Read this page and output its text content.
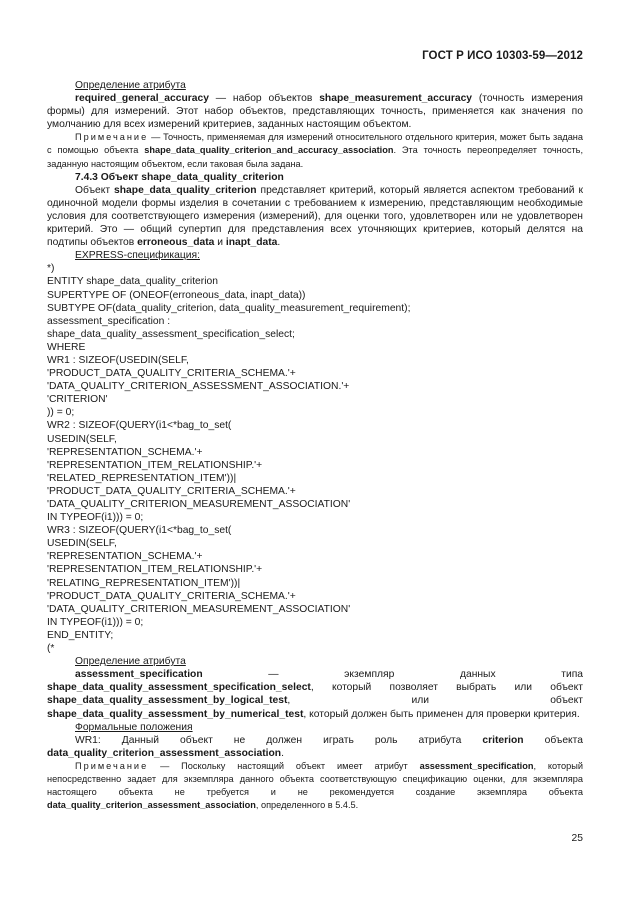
ГОСТ Р ИСО 10303-59—2012

Определение атрибута

required_general_accuracy — набор объектов shape_measurement_accuracy (точность измерения формы) для измерений. Этот набор объектов, представляющих точность, применяется как значения по умолчанию для всех измерений критериев, заданных настоящим объектом.

Примечание — Точность, применяемая для измерений относительного отдельного критерия, может быть задана с помощью объекта shape_data_quality_criterion_and_accuracy_association. Эта точность переопределяет точность, заданную настоящим объектом, если таковая была задана.

7.4.3 Объект shape_data_quality_criterion

Объект shape_data_quality_criterion представляет критерий, который является аспектом требований к одиночной модели формы изделия в сочетании с требованием к измерению, представляющим необходимые условия для соответствующего измерения (измерений), для оценки того, удовлетворен или не удовлетворен критерий. Это — общий супертип для представления всех уточняющих критериев, который делятся на подтипы объектов erroneous_data и inapt_data.

EXPRESS-спецификация:

*)

ENTITY shape_data_quality_criterion

SUPERTYPE OF (ONEOF(erroneous_data, inapt_data))

SUBTYPE OF(data_quality_criterion, data_quality_measurement_requirement);

assessment_specification :

shape_data_quality_assessment_specification_select;

WHERE

WR1 : SIZEOF(USEDIN(SELF,

'PRODUCT_DATA_QUALITY_CRITERIA_SCHEMA.'+

'DATA_QUALITY_CRITERION_ASSESSMENT_ASSOCIATION.'+

'CRITERION'

)) = 0;

WR2 : SIZEOF(QUERY(i1<*bag_to_set(

USEDIN(SELF,

'REPRESENTATION_SCHEMA.'+

'REPRESENTATION_ITEM_RELATIONSHIP.'+

'RELATED_REPRESENTATION_ITEM'))|

'PRODUCT_DATA_QUALITY_CRITERIA_SCHEMA.'+

'DATA_QUALITY_CRITERION_MEASUREMENT_ASSOCIATION'

IN TYPEOF(i1))) = 0;

WR3 : SIZEOF(QUERY(i1<*bag_to_set(

USEDIN(SELF,

'REPRESENTATION_SCHEMA.'+

'REPRESENTATION_ITEM_RELATIONSHIP.'+

'RELATING_REPRESENTATION_ITEM'))|

'PRODUCT_DATA_QUALITY_CRITERIA_SCHEMA.'+

'DATA_QUALITY_CRITERION_MEASUREMENT_ASSOCIATION'

IN TYPEOF(i1))) = 0;

END_ENTITY;

(*

Определение атрибута

assessment_specification — экземпляр данных типа shape_data_quality_assessment_specification_select, который позволяет выбрать или объект shape_data_quality_assessment_by_logical_test, или объект shape_data_quality_assessment_by_numerical_test, который должен быть применен для проверки критерия.

Формальные положения

WR1: Данный объект не должен играть роль атрибута criterion объекта data_quality_criterion_assessment_association.

Примечание — Поскольку настоящий объект имеет атрибут assessment_specification, который непосредственно задает для экземпляра данного объекта соответствующую спецификацию оценки, для экземпляра настоящего объекта не требуется и не рекомендуется создание экземпляра объекта data_quality_criterion_assessment_association, определенного в 5.4.5.

25
